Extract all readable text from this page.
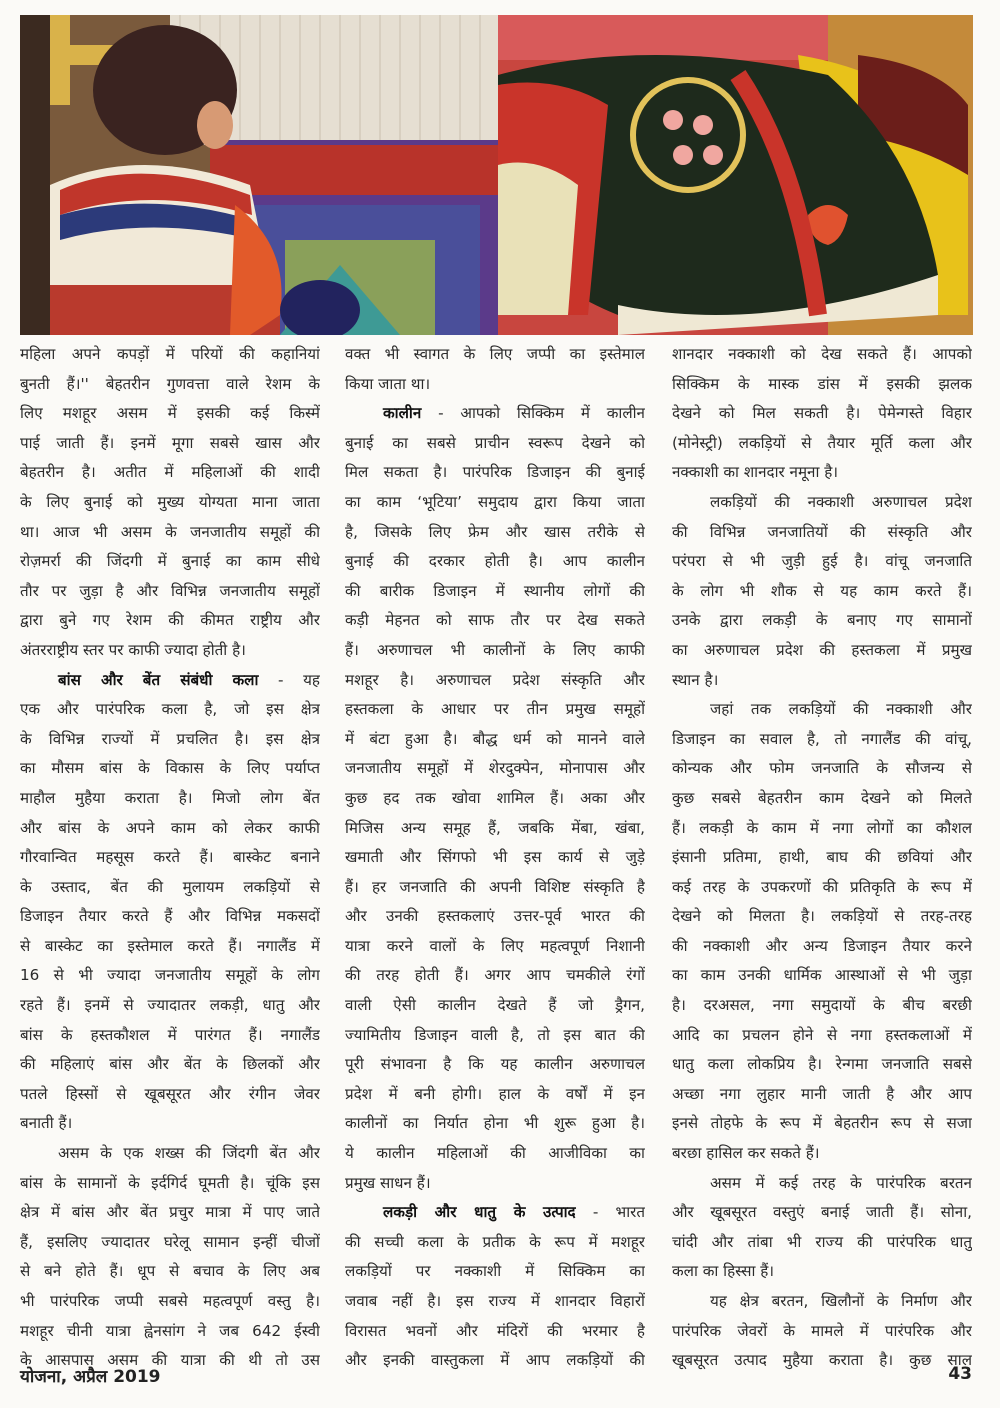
महिला अपने कपड़ों में परियों की कहानियां
बुनती हैं।'' बेहतरीन गुणवत्ता वाले रेशम के
लिए मशहूर असम में इसकी कई किस्में
पाई जाती हैं। इनमें मूगा सबसे खास और
बेहतरीन है। अतीत में महिलाओं की शादी
के लिए बुनाई को मुख्य योग्यता माना जाता
था। आज भी असम के जनजातीय समूहों की
रोज़मर्रा की जिंदगी में बुनाई का काम सीधे
तौर पर जुड़ा है और विभिन्न जनजातीय समूहों
द्वारा बुने गए रेशम की कीमत राष्ट्रीय और
अंतरराष्ट्रीय स्तर पर काफी ज्यादा होती है।
बांस और बेंत संबंधी कला - यह
एक और पारंपरिक कला है, जो इस क्षेत्र
के विभिन्न राज्यों में प्रचलित है। इस क्षेत्र
का मौसम बांस के विकास के लिए पर्याप्त
माहौल मुहैया कराता है। मिजो लोग बेंत
और बांस के अपने काम को लेकर काफी
गौरवान्वित महसूस करते हैं। बास्केट बनाने
के उस्ताद, बेंत की मुलायम लकड़ियों से
डिजाइन तैयार करते हैं और विभिन्न मकसदों
से बास्केट का इस्तेमाल करते हैं। नगालैंड में
16 से भी ज्यादा जनजातीय समूहों के लोग
रहते हैं। इनमें से ज्यादातर लकड़ी, धातु और
बांस के हस्तकौशल में पारंगत हैं। नगालैंड
की महिलाएं बांस और बेंत के छिलकों और
पतले हिस्सों से खूबसूरत और रंगीन जेवर
बनाती हैं।
असम के एक शख्स की जिंदगी बेंत और
बांस के सामानों के इर्दगिर्द घूमती है। चूंकि इस
क्षेत्र में बांस और बेंत प्रचुर मात्रा में पाए जाते
हैं, इसलिए ज्यादातर घरेलू सामान इन्हीं चीजों
से बने होते हैं। धूप से बचाव के लिए अब
भी पारंपरिक जप्पी सबसे महत्वपूर्ण वस्तु है।
मशहूर चीनी यात्रा ह्वेनसांग ने जब 642 ईस्वी
के आसपास असम की यात्रा की थी तो उस
वक्त भी स्वागत के लिए जप्पी का इस्तेमाल
किया जाता था।
कालीन - आपको सिक्किम में कालीन
बुनाई का सबसे प्राचीन स्वरूप देखने को
मिल सकता है। पारंपरिक डिजाइन की बुनाई
का काम ‘भूटिया’ समुदाय द्वारा किया जाता
है, जिसके लिए फ्रेम और खास तरीके से
बुनाई की दरकार होती है। आप कालीन
की बारीक डिजाइन में स्थानीय लोगों की
कड़ी मेहनत को साफ तौर पर देख सकते
हैं। अरुणाचल भी कालीनों के लिए काफी
मशहूर है। अरुणाचल प्रदेश संस्कृति और
हस्तकला के आधार पर तीन प्रमुख समूहों
में बंटा हुआ है। बौद्ध धर्म को मानने वाले
जनजातीय समूहों में शेरदुक्पेन, मोनापास और
कुछ हद तक खोवा शामिल हैं। अका और
मिजिस अन्य समूह हैं, जबकि मेंबा, खंबा,
खमाती और सिंगफो भी इस कार्य से जुड़े
हैं। हर जनजाति की अपनी विशिष्ट संस्कृति है
और उनकी हस्तकलाएं उत्तर-पूर्व भारत की
यात्रा करने वालों के लिए महत्वपूर्ण निशानी
की तरह होती हैं। अगर आप चमकीले रंगों
वाली ऐसी कालीन देखते हैं जो ड्रैगन,
ज्यामितीय डिजाइन वाली है, तो इस बात की
पूरी संभावना है कि यह कालीन अरुणाचल
प्रदेश में बनी होगी। हाल के वर्षों में इन
कालीनों का निर्यात होना भी शुरू हुआ है।
ये कालीन महिलाओं की आजीविका का
प्रमुख साधन हैं।
लकड़ी और धातु के उत्पाद - भारत
की सच्ची कला के प्रतीक के रूप में मशहूर
लकड़ियों पर नक्काशी में सिक्किम का
जवाब नहीं है। इस राज्य में शानदार विहारों
विरासत भवनों और मंदिरों की भरमार है
और इनकी वास्तुकला में आप लकड़ियों की
शानदार नक्काशी को देख सकते हैं। आपको
सिक्किम के मास्क डांस में इसकी झलक
देखने को मिल सकती है। पेमेन्गस्ते विहार
(मोनेस्ट्री) लकड़ियों से तैयार मूर्ति कला और
नक्काशी का शानदार नमूना है।
लकड़ियों की नक्काशी अरुणाचल प्रदेश
की विभिन्न जनजातियों की संस्कृति और
परंपरा से भी जुड़ी हुई है। वांचू जनजाति
के लोग भी शौक से यह काम करते हैं।
उनके द्वारा लकड़ी के बनाए गए सामानों
का अरुणाचल प्रदेश की हस्तकला में प्रमुख
स्थान है।
जहां तक लकड़ियों की नक्काशी और
डिजाइन का सवाल है, तो नगालैंड की वांचू,
कोन्यक और फोम जनजाति के सौजन्य से
कुछ सबसे बेहतरीन काम देखने को मिलते
हैं। लकड़ी के काम में नगा लोगों का कौशल
इंसानी प्रतिमा, हाथी, बाघ की छवियां और
कई तरह के उपकरणों की प्रतिकृति के रूप में
देखने को मिलता है। लकड़ियों से तरह-तरह
की नक्काशी और अन्य डिजाइन तैयार करने
का काम उनकी धार्मिक आस्थाओं से भी जुड़ा
है। दरअसल, नगा समुदायों के बीच बरछी
आदि का प्रचलन होने से नगा हस्तकलाओं में
धातु कला लोकप्रिय है। रेन्गमा जनजाति सबसे
अच्छा नगा लुहार मानी जाती है और आप
इनसे तोहफे के रूप में बेहतरीन रूप से सजा
बरछा हासिल कर सकते हैं।
असम में कई तरह के पारंपरिक बरतन
और खूबसूरत वस्तुएं बनाई जाती हैं। सोना,
चांदी और तांबा भी राज्य की पारंपरिक धातु
कला का हिस्सा हैं।
यह क्षेत्र बरतन, खिलौनों के निर्माण और
पारंपरिक जेवरों के मामले में पारंपरिक और
खूबसूरत उत्पाद मुहैया कराता है। कुछ साल
योजना, अप्रैल 2019	43
